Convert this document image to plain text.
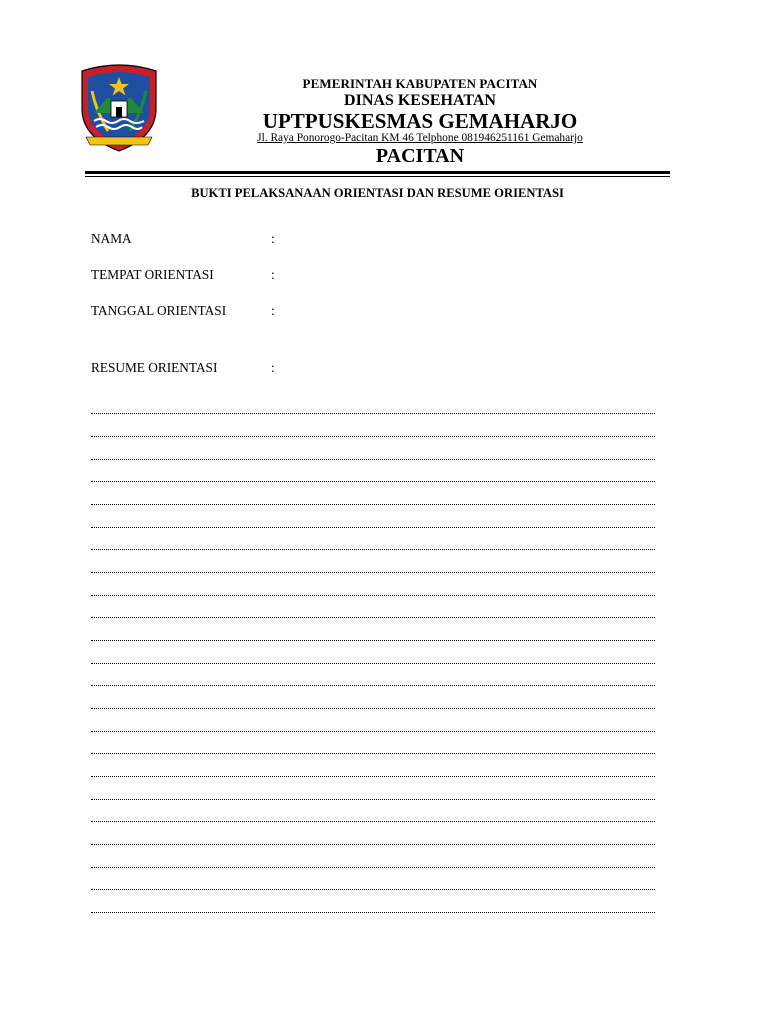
PEMERINTAH KABUPATEN PACITAN
DINAS KESEHATAN
UPTPUSKESMAS GEMAHARJO
Jl. Raya Ponorogo-Pacitan KM 46 Telphone 081946251161 Gemaharjo
PACITAN
BUKTI PELAKSANAAN ORIENTASI DAN RESUME ORIENTASI
NAMA	:
TEMPAT ORIENTASI	:
TANGGAL ORIENTASI	:
RESUME ORIENTASI	:
